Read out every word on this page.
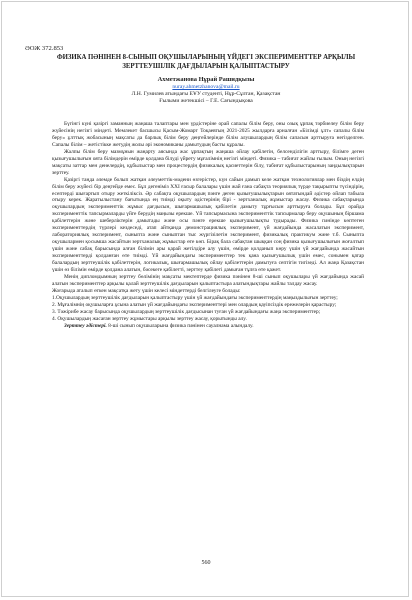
ӘОЖ 372.853
ФИЗИКА ПӘНІНЕН 8-СЫНЫП ОҚУШЫЛАРЫНЫҢ ҮЙДЕГІ ЭКСПЕРИМЕНТТЕР АРҚЫЛЫ ЗЕРТТЕУШІЛІК ДАҒДЫЛАРЫН ҚАЛЫПТАСТЫРУ
Ахметжанова Нұрай Рашидқызы
nuray.ahmetzhanova@mail.ru
Л.Н. Гумилев атындағы ЕҰУ студенті, Нұр-Сұлтан, Қазақстан
Ғылыми жетекшісі – Г.Е. Сағындықова

Бүгінгі күні қазіргі заманның жаңаша талаптары мен үрдістеріне орай сапалы білім беру, оны озық ұрпақ тәрбиелеу білім беру жүйесінің негізгі міндеті. Мемлекет басшысы Қасым-Жомарт Тоқаевтың 2021-2025 жылдарға арналған «Білімді ұлт» сапалы білім беру» ұлттық жобасының мақсаты да барлық білім беру деңгейлерінде білім алушылардың білім сапасын арттыруға негізделген. Сапалы білім – жетістікке жетудің жолы әрі экономиканы дамытудың басты құралы.

Жалпы білім беру мазмұнын жаңарту аясында жас ұрпақтың жаңаша ойлау қабілетін, белсенділігін арттыру, білімге деген қызығушылығын оята білімдерін өмірде қолдана білуді үйрету мұғалімнің негізгі міндеті. Физика – табиғат жайлы ғылым. Оның негізгі мақсаты заттар мен денелердің, құбылыстар мен процестердің физикалық қасиеттерін білу, табиғат құбылыстарының заңдылықтарын зерттеу.

Қазіргі таңда әлемде болып жатқан әлеуметтік-мәдени өзгерістер, күн сайын дамып келе жатқан технологиялар мен біздің елдің білім беру жүйесі бір деңгейде емес. Бұл дегеніміз XXI ғасыр балалары үшін жай ғана сабақта теориялық түрде тақырыпты түсіндірің, есептерді шығартып отыру жеткіліксіз. Әр сабақта оқушылардың пәнге деген қызығушылықтарын оятатындай әдістер ойлап табыла отыру керек. Жаратылыстану бағытында ең тиімді оқыту әдістерінің бірі - зертханалық жұмыстар жасау. Физика сабақтарында оқушылардың эксперименттік жұмыс дағдысын, шығармашылық қабілетін дамыту тұрғысын арттыруға болады. Бұл орайда эксперименттік тапсырмаларды үйге берудің маңызы ерекше. Үй тапсырмасына эксперименттік тапсырмалар беру оқушының біршама қабілеттерін және шеберліктерін дамытады және осы пәнге ерекше қызығушылықты тудырады. Физика пәнінде көптеген эксперименттердің түрлері кездеседі, атап айтқанда демонстрациялық эксперимент, үй жағдайында жасалатын эксперимент, лабораториялық эксперимент, сыныпта және сыныптан тыс жүргізілетін эксперимент, физикалық практикум және т.б. Сыныпта оқушылармен қосымша жасайтын зертханалық жұмыстар өте көп. Бірақ бала сабақтан шыққан соң физика қызығушылығын жоғалтып үшін және сабақ барысында алған білімін ары қарай жетілдіре алу үшін, өмірде қолданып көру үшін үй жағдайында жасайтын эксперименттерді қолданған өте тиімді. Үй жағдайындағы эксперименттер тек қана қызығушылық үшін емес, сонымен қатар балалардың зерттеушілік қабілеттерін, логикалық, шығармашылық ойлау қабілеттерін дамытуға септігін тигізеді. Ал жаңа Қазақстан үшін өз білімін өмірде қолдана алатын, бәсекеге қабілетті, зерттеу қабілеті дамыған тұлға өте қажет.

Менің дипломдымның зерттеу бөлімінің мақсаты мектептерде физика пәнінен 8-ші сынып оқушылары үй жағдайында жасай алатын эксперименттер арқылы қалай зерттеушілік дағдыларын қалыптастыра алатындықтары жайлы талдау жасау.

Жоғарыда аталып өткен мақсатқа жету үшін келесі міндеттерді белгілеуге болады:

1.Оқушылардың зерттеушілік дағдыларын қалыптастыру үшін үй жағдайындағы эксперименттердің маңыздылығын зерттеу;

2. Мұғалімнің оқушыларға ұсына алатын үй жағдайындағы эксперименттері мен олардың қауіпсіздік ережелерін қарастыру;

3. Тәжірибе жасау барысында оқушылардың зерттеушілік дағдысынан туған үй жағдайындағы жаңа эксперименттер;

4. Оқушылардың жасаған зерттеу жұмыстары арқылы зерттеу жасау, қорытынды алу.

Зерттеу әдістері. 8-ші сынып оқушыларына физика пәнінен сауалнама алындалу.

560
